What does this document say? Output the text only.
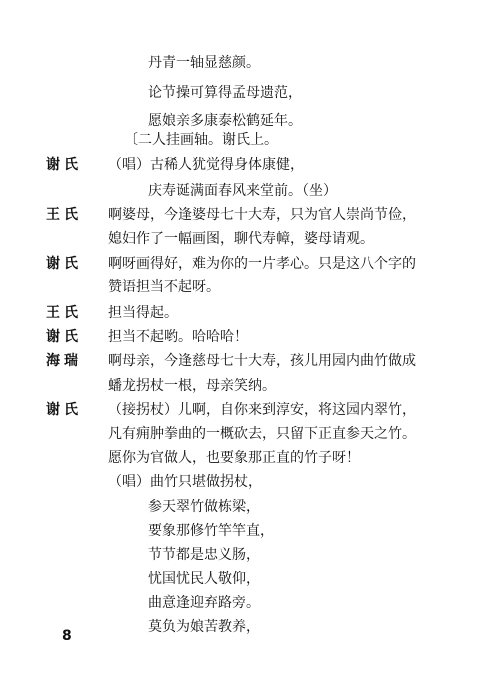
丹青一轴显慈颜。
论节操可算得孟母遗范，
愿娘亲多康泰松鹤延年。
〔二人挂画轴。谢氏上。
谢氏	（唱）古稀人犹觉得身体康健，
庆寿诞满面春风来堂前。（坐）
王氏	啊婆母，今逢婆母七十大寿，只为官人崇尚节俭，
媳妇作了一幅画图，聊代寿幛，婆母请观。
谢氏	啊呀画得好，难为你的一片孝心。只是这八个字的
赞语担当不起呀。
王氏	担当得起。
谢氏	担当不起哟。哈哈哈！
海瑞	啊母亲，今逢慈母七十大寿，孩儿用园内曲竹做成
蟠龙拐杖一根，母亲笑纳。
谢氏	（接拐杖）儿啊，自你来到淳安，将这园内翠竹，
凡有痈肿拳曲的一概砍去，只留下正直参天之竹。
愿你为官做人，也要象那正直的竹子呀！
（唱）曲竹只堪做拐杖，
参天翠竹做栋梁，
要象那修竹竿竿直，
节节都是忠义肠，
忧国忧民人敬仰，
曲意逢迎弃路旁。
莫负为娘苦教养，
8
